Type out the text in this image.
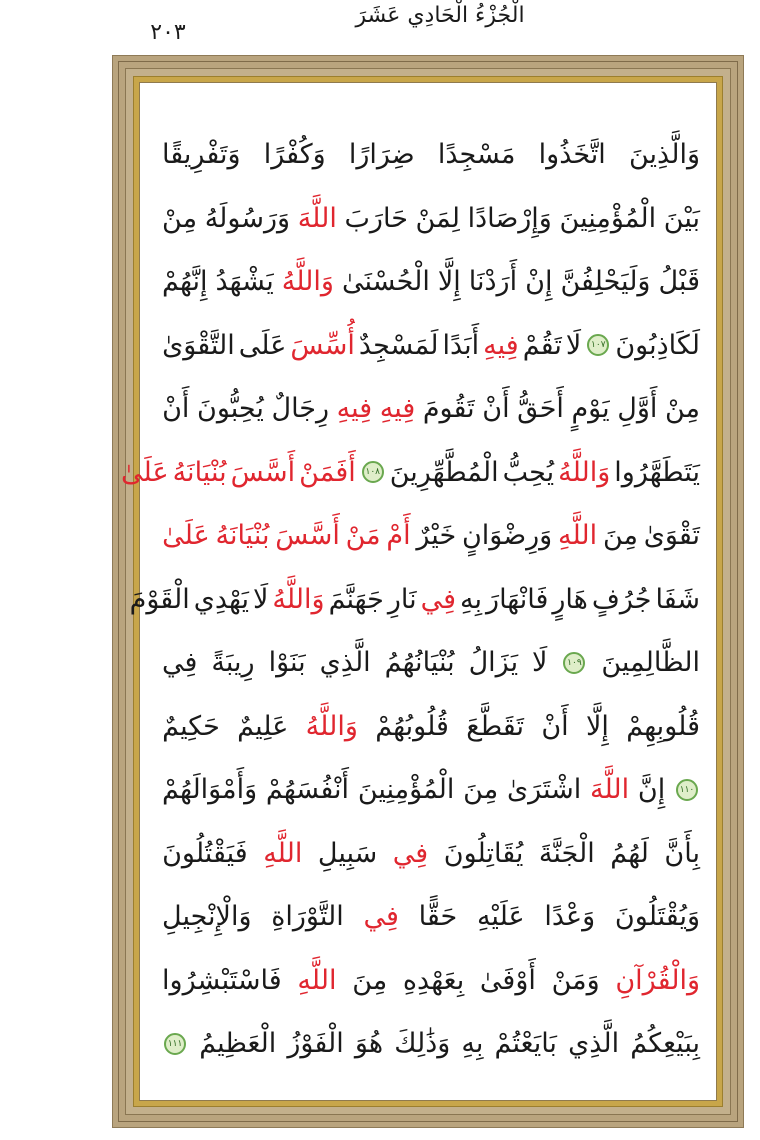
الْجُزْءُ الْحَادِي عَشَرَ
٢٠٣
وَالَّذِينَ
اتَّخَذُوا
مَسْجِدًا
ضِرَارًا
وَكُفْرًا
وَتَفْرِيقًا
بَيْنَ
الْمُؤْمِنِينَ
وَإِرْصَادًا
لِمَنْ
حَارَبَ
اللَّهَ
وَرَسُولَهُ
مِنْ
قَبْلُ
وَلَيَحْلِفُنَّ
إِنْ
أَرَدْنَا
إِلَّا
الْحُسْنَىٰ
وَاللَّهُ
يَشْهَدُ
إِنَّهُمْ
لَكَاذِبُونَ
١٠٧
لَا
تَقُمْ
فِيهِ
أَبَدًا
لَمَسْجِدٌ
أُسِّسَ
عَلَى
التَّقْوَىٰ
مِنْ
أَوَّلِ
يَوْمٍ
أَحَقُّ
أَنْ
تَقُومَ
فِيهِ
فِيهِ
رِجَالٌ
يُحِبُّونَ
أَنْ
يَتَطَهَّرُوا
وَاللَّهُ
يُحِبُّ
الْمُطَّهِّرِينَ
١٠٨
أَفَمَنْ
أَسَّسَ
بُنْيَانَهُ
عَلَىٰ
تَقْوَىٰ
مِنَ
اللَّهِ
وَرِضْوَانٍ
خَيْرٌ
أَمْ
مَنْ
أَسَّسَ
بُنْيَانَهُ
عَلَىٰ
شَفَا
جُرُفٍ
هَارٍ
فَانْهَارَ
بِهِ
فِي
نَارِ
جَهَنَّمَ
وَاللَّهُ
لَا
يَهْدِي
الْقَوْمَ
الظَّالِمِينَ
١٠٩
لَا
يَزَالُ
بُنْيَانُهُمُ
الَّذِي
بَنَوْا
رِيبَةً
فِي
قُلُوبِهِمْ
إِلَّا
أَنْ
تَقَطَّعَ
قُلُوبُهُمْ
وَاللَّهُ
عَلِيمٌ
حَكِيمٌ
١١٠
إِنَّ
اللَّهَ
اشْتَرَىٰ
مِنَ
الْمُؤْمِنِينَ
أَنْفُسَهُمْ
وَأَمْوَالَهُمْ
بِأَنَّ
لَهُمُ
الْجَنَّةَ
يُقَاتِلُونَ
فِي
سَبِيلِ
اللَّهِ
فَيَقْتُلُونَ
وَيُقْتَلُونَ
وَعْدًا
عَلَيْهِ
حَقًّا
فِي
التَّوْرَاةِ
وَالْإِنْجِيلِ
وَالْقُرْآنِ
وَمَنْ
أَوْفَىٰ
بِعَهْدِهِ
مِنَ
اللَّهِ
فَاسْتَبْشِرُوا
بِبَيْعِكُمُ
الَّذِي
بَايَعْتُمْ
بِهِ
وَذَٰلِكَ
هُوَ
الْفَوْزُ
الْعَظِيمُ
١١١
